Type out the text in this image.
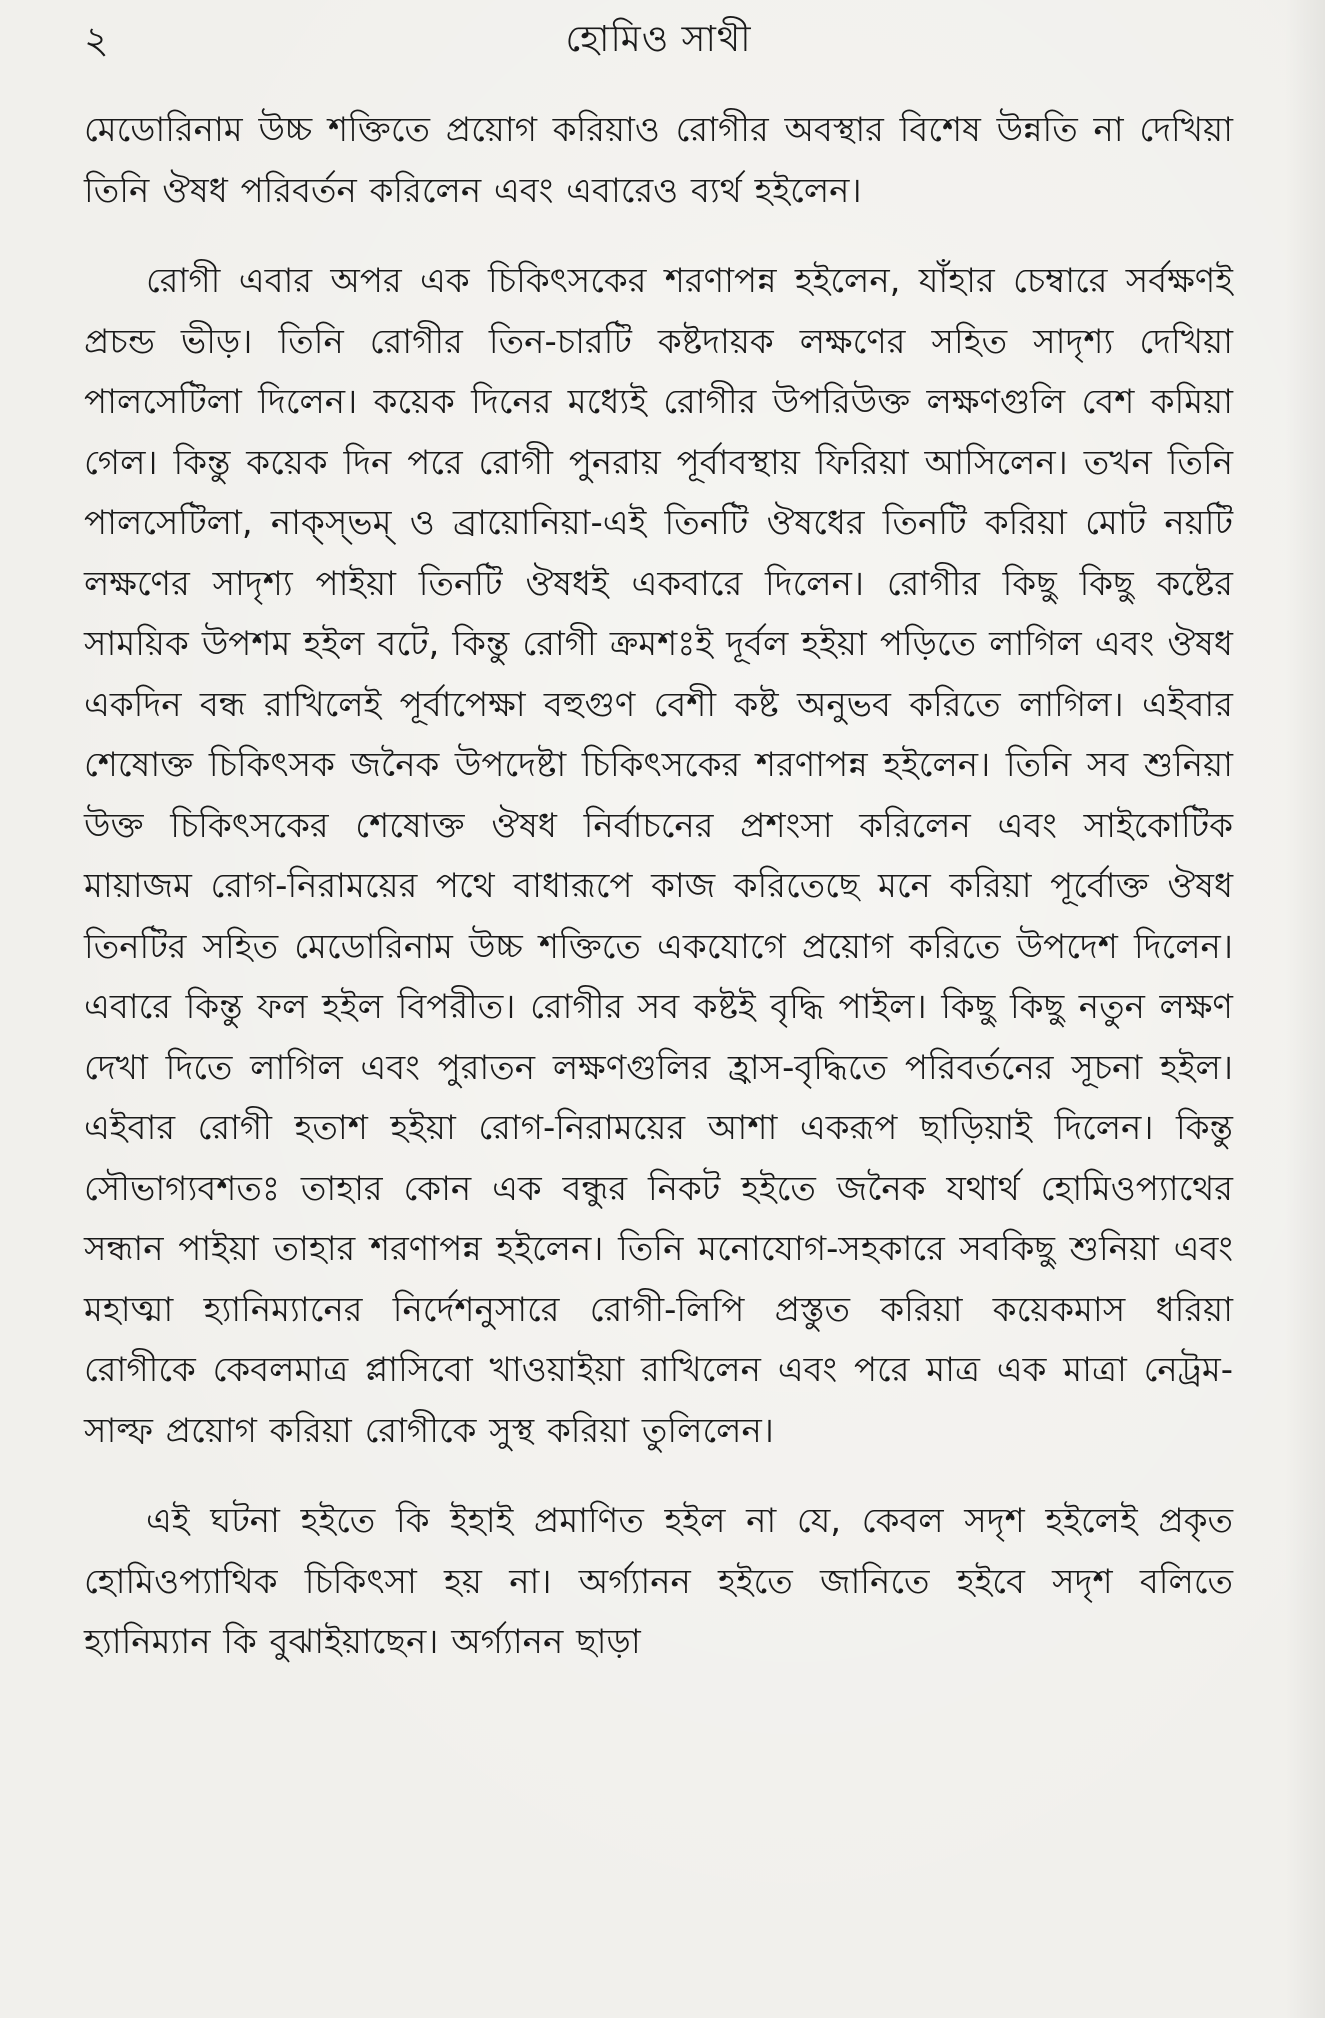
২	হোমিও সাথী

মেডোরিনাম উচ্চ শক্তিতে প্রয়োগ করিয়াও রোগীর অবস্থার বিশেষ উন্নতি না দেখিয়া তিনি ঔষধ পরিবর্তন করিলেন এবং এবারেও ব্যর্থ হইলেন।

রোগী এবার অপর এক চিকিৎসকের শরণাপন্ন হইলেন, যাঁহার চেম্বারে সর্বক্ষণই প্রচন্ড ভীড়। তিনি রোগীর তিন-চারটি কষ্টদায়ক লক্ষণের সহিত সাদৃশ্য দেখিয়া পালসেটিলা দিলেন। কয়েক দিনের মধ্যেই রোগীর উপরিউক্ত লক্ষণগুলি বেশ কমিয়া গেল। কিন্তু কয়েক দিন পরে রোগী পুনরায় পূর্বাবস্থায় ফিরিয়া আসিলেন। তখন তিনি পালসেটিলা, নাক্স্ভম্ ও ব্রায়োনিয়া-এই তিনটি ঔষধের তিনটি করিয়া মোট নয়টি লক্ষণের সাদৃশ্য পাইয়া তিনটি ঔষধই একবারে দিলেন। রোগীর কিছু কিছু কষ্টের সাময়িক উপশম হইল বটে, কিন্তু রোগী ক্রমশঃই দূর্বল হইয়া পড়িতে লাগিল এবং ঔষধ একদিন বন্ধ রাখিলেই পূর্বাপেক্ষা বহুগুণ বেশী কষ্ট অনুভব করিতে লাগিল। এইবার শেষোক্ত চিকিৎসক জনৈক উপদেষ্টা চিকিৎসকের শরণাপন্ন হইলেন। তিনি সব শুনিয়া উক্ত চিকিৎসকের শেষোক্ত ঔষধ নির্বাচনের প্রশংসা করিলেন এবং সাইকোটিক মায়াজম রোগ-নিরাময়ের পথে বাধারূপে কাজ করিতেছে মনে করিয়া পূর্বোক্ত ঔষধ তিনটির সহিত মেডোরিনাম উচ্চ শক্তিতে একযোগে প্রয়োগ করিতে উপদেশ দিলেন। এবারে কিন্তু ফল হইল বিপরীত। রোগীর সব কষ্টই বৃদ্ধি পাইল। কিছু কিছু নতুন লক্ষণ দেখা দিতে লাগিল এবং পুরাতন লক্ষণগুলির হ্রাস-বৃদ্ধিতে পরিবর্তনের সূচনা হইল। এইবার রোগী হতাশ হইয়া রোগ-নিরাময়ের আশা একরূপ ছাড়িয়াই দিলেন। কিন্তু সৌভাগ্যবশতঃ তাহার কোন এক বন্ধুর নিকট হইতে জনৈক যথার্থ হোমিওপ্যাথের সন্ধান পাইয়া তাহার শরণাপন্ন হইলেন। তিনি মনোযোগ-সহকারে সবকিছু শুনিয়া এবং মহাত্মা হ্যানিম্যানের নির্দেশনুসারে রোগী-লিপি প্রস্তুত করিয়া কয়েকমাস ধরিয়া রোগীকে কেবলমাত্র প্লাসিবো খাওয়াইয়া রাখিলেন এবং পরে মাত্র এক মাত্রা নেট্রম-সাল্ফ প্রয়োগ করিয়া রোগীকে সুস্থ করিয়া তুলিলেন।

এই ঘটনা হইতে কি ইহাই প্রমাণিত হইল না যে, কেবল সদৃশ হইলেই প্রকৃত হোমিওপ্যাথিক চিকিৎসা হয় না। অর্গ্যানন হইতে জানিতে হইবে সদৃশ বলিতে হ্যানিম্যান কি বুঝাইয়াছেন। অর্গ্যানন ছাড়া
